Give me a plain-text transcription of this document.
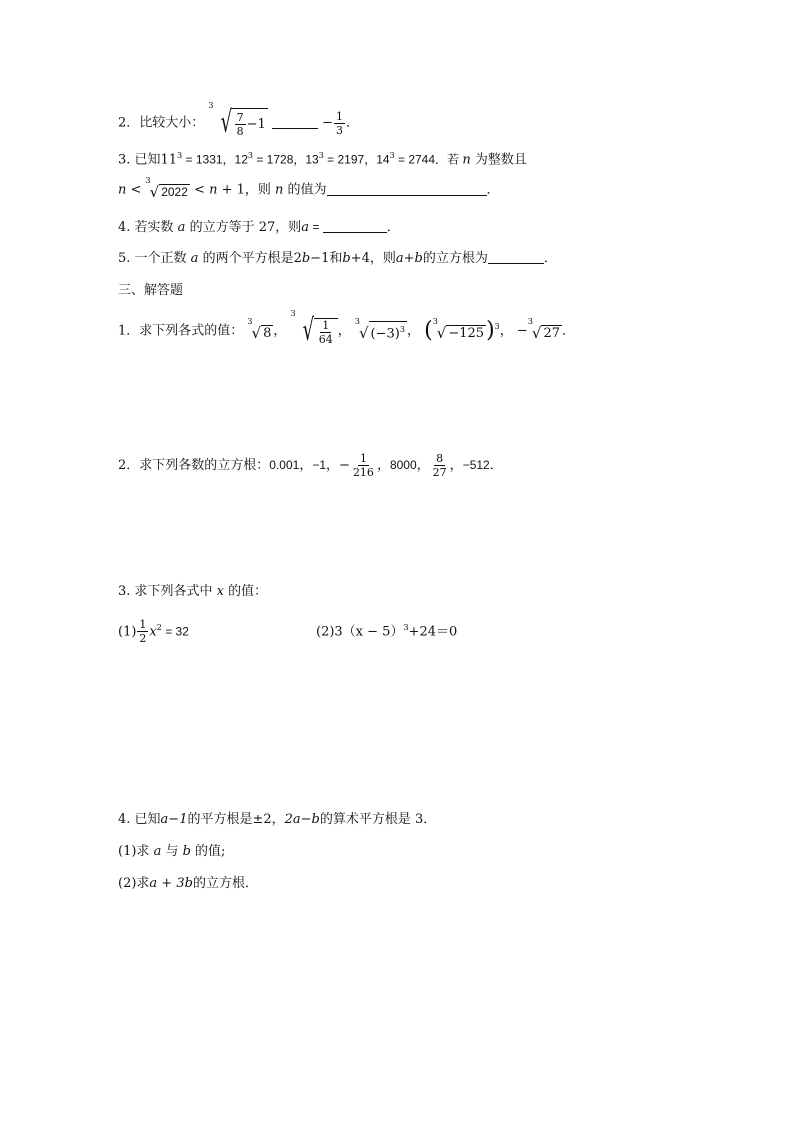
2．比较大小：
3 √ $\frac{7}{8} -1$	− $\frac{1}{3}$ ．
3. 已知$11^3 = 1331$，$12^3 = 1728$，$13^3 = 2197$，$14^3 = 2744$．若 n 为整数且
n <
3
√ 2022 < n + 1，则 n 的值为	．
4. 若实数 a 的立方等于 27，则a =	．
5. 一个正数 a 的两个平方根是2b−1和b+4，则a+b的立方根为	．
三、解答题
1．求下列各式的值：
3
√ 8 ，
3 √ $\frac{1}{64}$ ，
3
√ $(-3)^3$ ， ( 3
√ −125 )$^3$， −
3
√ 27 ．
2．求下列各数的立方根：0.001，−1，− $\frac{1}{216}$ ，8000， $\frac{8}{27}$ ，−512．
3. 求下列各式中 x 的值：
$(1) \frac{1}{2} x^2 = 32$	$(2)3(x - 5)^3+24=0$
4. 已知a−1的平方根是±2，2a−b的算术平方根是 3．
(1)求 a 与 b 的值;
(2)求a + 3b的立方根．
